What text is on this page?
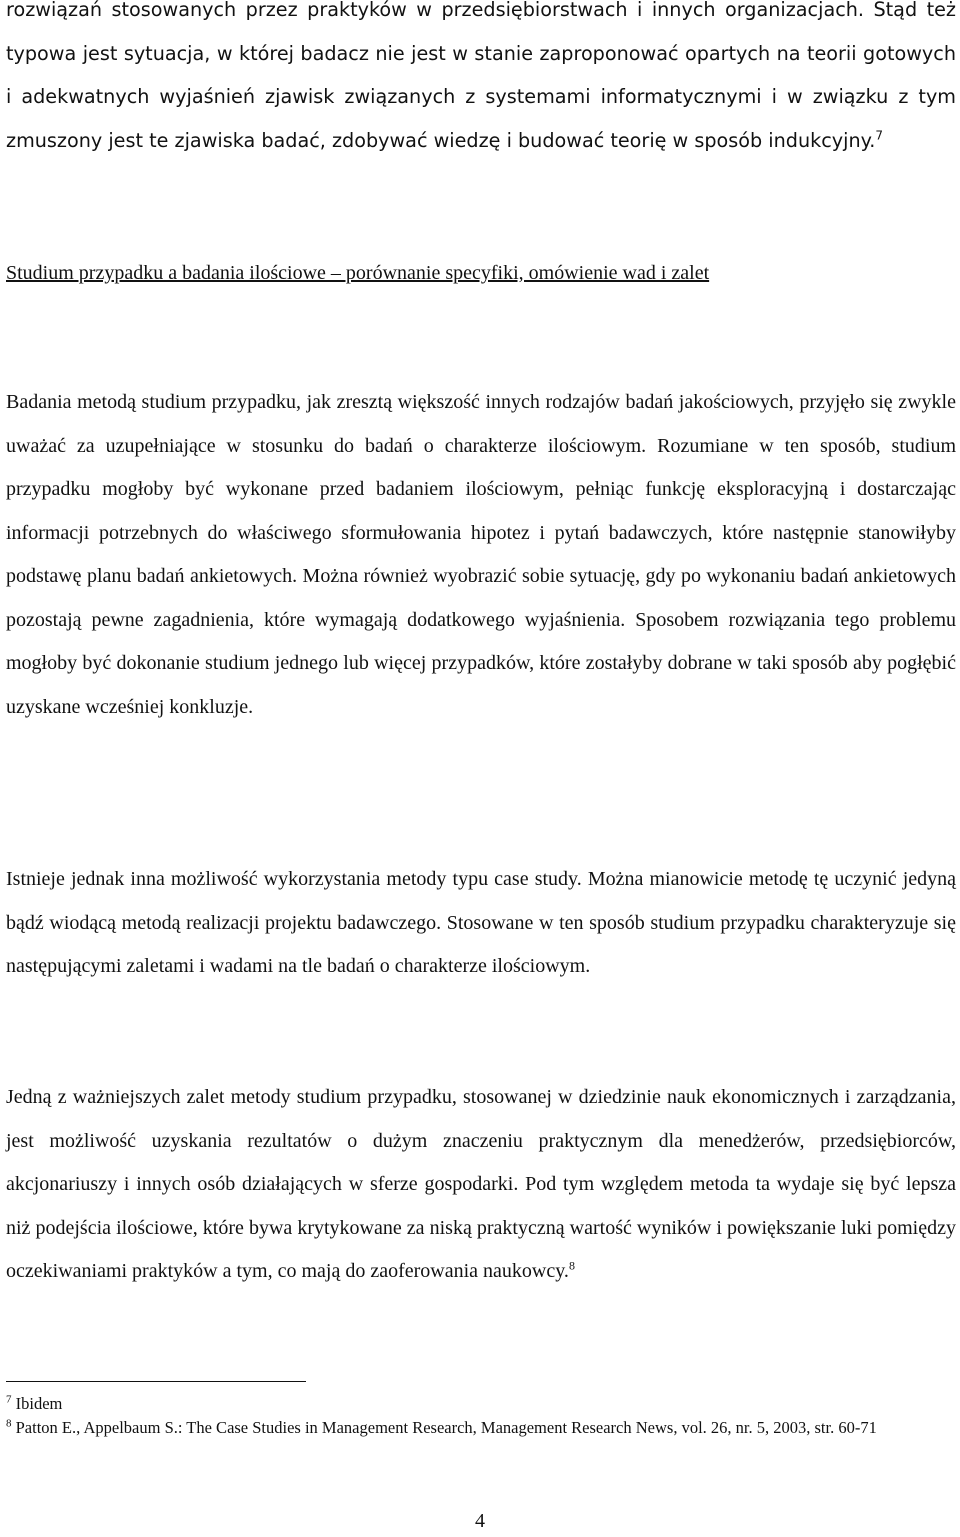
rozwiązań stosowanych przez praktyków w przedsiębiorstwach i innych organizacjach. Stąd też typowa jest sytuacja, w której badacz nie jest w stanie zaproponować opartych na teorii gotowych i adekwatnych wyjaśnień zjawisk związanych z systemami informatycznymi i w związku z tym zmuszony jest te zjawiska badać, zdobywać wiedzę i budować teorię w sposób indukcyjny.$^7$

Studium przypadku a badania ilościowe – porównanie specyfiki, omówienie wad i zalet

Badania metodą studium przypadku, jak zresztą większość innych rodzajów badań jakościowych, przyjęło się zwykle uważać za uzupełniające w stosunku do badań o charakterze ilościowym. Rozumiane w ten sposób, studium przypadku mogłoby być wykonane przed badaniem ilościowym, pełniąc funkcję eksploracyjną i dostarczając informacji potrzebnych do właściwego sformułowania hipotez i pytań badawczych, które następnie stanowiłyby podstawę planu badań ankietowych. Można również wyobrazić sobie sytuację, gdy po wykonaniu badań ankietowych pozostają pewne zagadnienia, które wymagają dodatkowego wyjaśnienia. Sposobem rozwiązania tego problemu mogłoby być dokonanie studium jednego lub więcej przypadków, które zostałyby dobrane w taki sposób aby pogłębić uzyskane wcześniej konkluzje.

Istnieje jednak inna możliwość wykorzystania metody typu case study. Można mianowicie metodę tę uczynić jedyną bądź wiodącą metodą realizacji projektu badawczego. Stosowane w ten sposób studium przypadku charakteryzuje się następującymi zaletami i wadami na tle badań o charakterze ilościowym.

Jedną z ważniejszych zalet metody studium przypadku, stosowanej w dziedzinie nauk ekonomicznych i zarządzania, jest możliwość uzyskania rezultatów o dużym znaczeniu praktycznym dla menedżerów, przedsiębiorców, akcjonariuszy i innych osób działających w sferze gospodarki. Pod tym względem metoda ta wydaje się być lepsza niż podejścia ilościowe, które bywa krytykowane za niską praktyczną wartość wyników i powiększanie luki pomiędzy oczekiwaniami praktyków a tym, co mają do zaoferowania naukowcy.$^8$

$^7$ Ibidem

$^8$ Patton E., Appelbaum S.: The Case Studies in Management Research, Management Research News, vol. 26, nr. 5, 2003, str. 60-71

4
